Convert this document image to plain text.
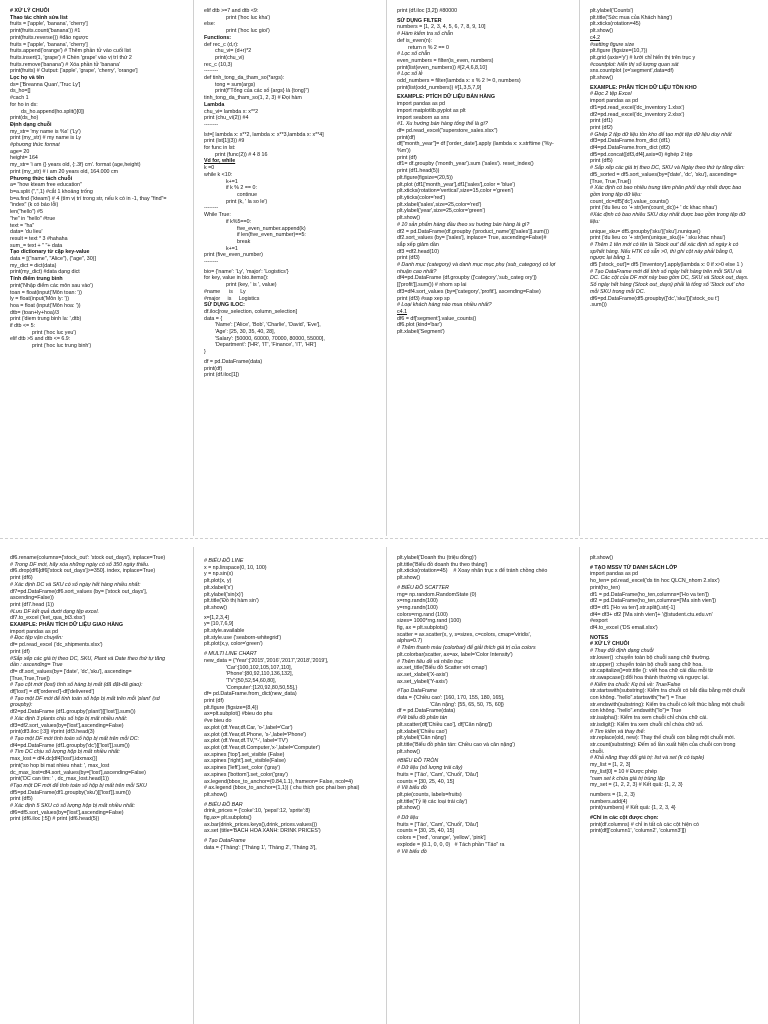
# XỬ LÝ CHUỖI

Thao tác chỉnh sửa list

fruits = ['apple', 'banana', 'cherry']

print(fruits.count('banana')) #1

print(fruits.reverse()) #đảo ngược

fruits = ['apple', 'banana', 'cherry']

fruits.append('orange') # Thêm phần tử vào cuối list

fruits.insert(1, 'grape') # Chèn 'grape' vào vị trí thứ 2

fruits.remove('banana') # Xóa phần tử 'banana'

print(fruits) # Output: ['apple', 'grape', 'cherry', 'orange']

Lọc họ và tên

ds= ['Breanna Quan','Truc Ly']

ds_ho=[]

#cach 1

for ho in ds:

ds_ho.append(ho.split()[0])

print(ds_ho)

Định dạng chuỗi

my_str= 'my name is %s' ('Ly')

print (my_str) # my name is Ly

#phương thức format

age= 20

height= 164

my_str= 'i am {} years old, {:.3f} cm'. format (age,height)

print (my_str) # i am 20 years old, 164.000 cm

Phương thức tách chuỗi

a= "how kteam free education"

b=a.split (",",1) #cắt 1 khoảng trống

b=a.find ('kteam') # 4 (tìm vị trí trong str, nếu k có in -1, thay "find"= "index" (k có báo lỗi)

len("hello") #5

"he" in "hello" #true

text = "ha"

data= 'du lieu'

result = text * 3 #hahaha

sum_= text + " "+ data

Tạo dictionary từ cặp key-value

data = [("name", "Alice"), ("age", 30)]

my_dict = dict(data)

print(my_dict) #data dạng dict

Tính điểm trung bình

print('Nhập điểm các môn sau vào')

toan = float(input('Môn toan: '))

ly = float(input('Môn ly: '))

hoa = float (input('Môn hoa: '))

dtb= (toan+ly+hoa)/3

print ('diem trung binh la: ',dtb)

if dtb <= 5:

print ('hoc luc yeu')

elif dtb >5 and dtb <= 6.9:

print ('hoc luc trung binh')

elif dtb >=7 and dtb <9:

print ('hoc luc kha')

else:

print ('hoc luc gioi')

Functions:

def rec_c (d,r):

chu_vi= (d+r)*2

print(chu_vi)

rec_c (10,3)

--------

def tinh_tong_da_tham_so(*args):

tong = sum(args)

print(f"Tổng của các số {args} là {tong}")

tinh_tong_da_tham_so(1, 2, 3) # Đọi hàm

Lambda

chu_vi= lambda x: x**2

print (chu_vi(2)) #4

--------

lst=[ lambda x: x**2, lambda x: x**3,lambda x: x**4]

print (lst[1](3)) #9

for func in lst:

print (func(2)) # 4 8 16

Vd for, while

k =0

while k <10:

k+=1

if k % 2 == 0:

continue

print (k, ' la so le')

--------

While True:

if k%5==0:

five_even_number.append(k)

if len(five_even_number)==5:

break

k+=1

print (five_even_number)

--------

bio= {'name': 'Ly', 'major': 'Logistics'}

for key, value in bio.items():

print (key, ' is ', value)

#name      is     Ly

#major     is     Logistics

SỬ DỤNG ILOC:

df.iloc[row_selection, column_selection]

data = {

'Name': ['Alice', 'Bob', 'Charlie', 'David', 'Eve'],

'Age': [25, 30, 35, 40, 28],

'Salary': [50000, 60000, 70000, 80000, 55000],

'Department': ['HR', 'IT', 'Finance', 'IT', 'HR']

}

df = pd.DataFrame(data)

print(df)

print (df.iloc[1])

print (df.iloc [3,2]) #80000

SỬ DỤNG FILTER

numbers = [1, 2, 3, 4, 5, 6, 7, 8, 9, 10]

# Hàm kiểm tra số chẵn

def is_even(n):

return n % 2 == 0

# Lọc số chẵn

even_numbers = filter(is_even, numbers)

print(list(even_numbers)) #[2,4,6,8,10]

# Lọc số lẻ

odd_numbers = filter(lambda x: x % 2 != 0, numbers)

print(list(odd_numbers)) #[1,3,5,7,9]

EXAMPLE: PTÍCH DỮ LIỆU BÁN HÀNG

import pandas as pd

import matplotlib.pyplot as plt

import seaborn as sns

#1. Xu hướng bán hàng tổng thể là gì?

df= pd.read_excel("superstore_sales.xlsx")

print(df)

df["month_year"]= df ['order_date'].apply (lambda x: x.strftime ('%y-%m'))

print (df)

df1= df.groupby ('month_year').sum ('sales'). reset_index()

print (df1.head(5))

plt.figure(figsize=(20,5))

plt.plot (df1['month_year'],df1['sales'],color = 'blue')

plt.xticks(rotation='vertical',size=15,color ='green')

plt.yticks(color='red')

plt.xlabel('sales',size=25,color='red')

plt.ylabel('year',size=25,color='green')

plt.show()

# 10 sản phẩm hàng đầu theo xu hướng bán hàng là gì?

df2 = pd.DataFrame(df.groupby ('product_name')[['sales']].sum())

df2.sort_values (by= ['sales'], inplace= True, ascending=False)# sắp xếp giảm dần

df3 =df2.head(10)

print (df3)

# Danh mục (category) và danh mục mục phụ (sub_category) có lợi nhuận cao nhất?

df4=pd.DataFrame (df.groupby (['category','sub_categ ory'])[['profit']].sum()) # nhom sp lai

df3=df4.sort_values (by=['category','profit'], ascending=False)

print (df3) #sap xep sp

# Loại khách hàng nào mua nhiều nhất?

c4.1

df6 = df['segment'].value_counts()

df6.plot (kind='bar')

plt.xlabel('Segment')

plt.ylabel('Counts')

plt.title('Sức mua của Khách hàng')

plt.xticks(rotation=45)

plt.show()

c4.2

#setting figure size

plt.figure (figsize=(10,7))

plt.grid (axis='y') # lưới chỉ hiển thị trên trục y

#countplot: hiển thị số lượng quan sát

sns.countplot (x='segment',data=df)

plt.show()

EXAMPLE: PHÂN TÍCH DỮ LIỆU TỒN KHO

# Đọc 2 tệp Excel

import pandas as pd

df1=pd.read_excel('dc_inventory 1.xlsx')

df2=pd.read_excel('dc_inventory 2.xlsx')

print (df1)

print (df2)

# Ghép 2 tệp dữ liệu tồn kho để tạo một tệp dữ liệu duy nhất

df3=pd.DataFrame.from_dict (df1)

df4=pd.DataFrame.from_dict (df2)

df5=pd.concat([df3,df4],axis=0) #ghép 2 tệp

print (df5)

# Sắp xếp các giá trị theo DC, SKU và Ngày theo thứ tự tăng dần:

df5_sorted = df5.sort_values(by=['date', 'dc', 'sku'], ascending=[True, True,True])

# Xác định có bao nhiêu trung tâm phân phối duy nhất được bao gồm trong tệp dữ liệu:

count_dc=df5['dc'].value_counts()

print ('du lieu co '+ str(len(count_dc))+ ' dc khac nhau')

#Xác định có bao nhiêu SKU duy nhất được bao gồm trong tệp dữ liệu:

unique_sku= df5.groupby('sku')['sku'].nunique()

print ('du lieu co '+ str(len(unique_sku))+ ' sku khac nhau')

# Thêm 1 tên mới có tên là 'Stock out' để xác định số ngày k có sp/hết hàng. Nếu HTK có sẵn >0, thì ghi cột này phải bằng 0, ngược lại bằng 1.

df5 ['stock_out']= df5 ['inventory'].apply(lambda x: 0 if x>0 else 1 )

# Tạo DataFrame mới để tính số ngày hết hàng trên mỗi SKU và DC. Các cột của DF mới này bao gồm DC, SKU và Stock out_days. Số ngày hết hàng (Stock out_days) phải là tổng số 'Stock out' cho mỗi SKU trong mỗi DC.

df6=pd.DataFrame(df5.groupby(['dc','sku'])['stock_ou t']

.sum())

df6.rename(columns={'stock_out': 'stock out_days'}, inplace=True)

# Trong DF mới, hãy xóa những ngày có số 350 ngày thiếu.

df6.drop(df6[df6['stock out_days']>=350]. index, inplace=True)

print (df6)

# Xác định DC và SKU có số ngày hết hàng nhiều nhất:

df7=pd.DataFrame(df6.sort_values (by= ['stock out_days'], ascending=False))

print (df7.head (1))

#Lưu DF kết quả dưới dạng tệp excel.

df7.to_excel ('ket_qua_bt3.xlsx')

EXAMPLE: PHÂN TÍCH DỮ LIỆU GIAO HÀNG

import pandas as pd

# Đọc tệp vận chuyển:

df= pd.read_excel ('dc_shipments.xlsx')

print (df)

#Sắp xếp các giá trị theo DC, SKU, Plant và Date theo thứ tự tăng dần : ascending= True

df= df.sort_values(by= ['date', 'dc','sku'], ascending=[True,True,True])

# Tạo cột mới (lost) tính số hàng bị mất (đã đặt-đã giao):

df['lost'] = df['ordered']-df['delivered']

# Tạo một DF mới để tính toán số hộp bị mất trên mỗi 'plant' (sd groupby):

df2=pd.DataFrame (df1.groupby('plant')[['lost']].sum())

# Xác định 3 plants chịu số hộp bị mất nhiều nhất:

df3=df2.sort_values(by=['lost'],ascending=False)

print(df3.iloc [:3]) #print (df3.head(3)

# Tạo một DF mới tính toán số hộp bị mất trên mỗi DC:

df4=pd.DataFrame (df1.groupby('dc')[['lost']].sum())

# Tìm DC chịu số lượng hộp bị mất nhiều nhất:

max_lost = df4.dc[df4['lost'].idxmax()]

print('so hop bi mat nhieu nhat: ', max_lost dc_max_lost=df4.sort_values(by=['lost'],ascending=False)

print('DC can tim: ' , dc_max_lost.head(1))

#Tạo một DF mới để tính toán số hộp bị mất trên mỗi SKU

df5=pd.DataFrame(df1.groupby('sku')[['lost']].sum())

print (df5)

# Xác định 5 SKU có số lượng hộp bị mất nhiều nhất:

df6=df5.sort_values(by=['lost'],ascending=False)

print (df6.iloc [:5]) # print (df6.head(5))

# BIỂU ĐỒ LINE

x = np.linspace(0, 10, 100)

y = np.sin(x)

plt.plot(x, y)

plt.xlabel('x')

plt.ylabel('sin(x)')

plt.title('Đồ thị hàm sin')

plt.show()

x=[1,2,3,4]

y= [10,7,6,9]

plt.style.available

plt.style.use ('seaborn-whitegrid')

plt.plot(x,y, color='green')

# MULTI LINE CHART

new_data = {'Year':['2015','2016','2017','2018','2019'],

'Car':[100,102,105,107,110],

'Phone':[80,92,110,136,132],

'TV':[50,52,54,60,80],

'Computer':[120,92,80,50,55],}

df= pd.DataFrame.from_dict(new_data)

print (df)

plt.figure (figsize=(8,4))

ax=plt.subplot() #bieu do phu

#ve bieu do

ax.plot (df.Year,df.Car, 'o-',label='Car')

ax.plot (df.Year,df.Phone, 's-',label='Phone')

ax.plot (df.Year,df.TV,'*-', label='TV')

ax.plot (df.Year,df.Computer,'x-',label='Computer')

ax.spines ['top'].set_visible (False)

ax.spines ['right'].set_visible(False)

ax.spines ['left'].set_color ('gray')

ax.spines ['bottom'].set_color('gray')

ax.legend(bbox_to_anchor=(0.84,1.1), frameon= False, ncol=4)

# ax.legend (bbox_to_anchor=(1,1)) ( chu thich goc phai ben phai)

plt.show()

# BIỂU ĐỒ BAR

drink_prices = {'coke':10, 'pepsi':12, 'sprite':8}

fig,ax= plt.subplots()

ax.bar(drink_prices.keys(),drink_prices.values())

ax.set (title='BACH HOA XANH: DRINK PRICES')

# Tạo DataFrame

data = {'Tháng': ['Tháng 1', 'Tháng 2', 'Tháng 3'],

plt.ylabel('Doanh thu (triệu đồng)')

plt.title('Biểu đồ doanh thu theo tháng')

plt.xticks(rotation=45)    # Xoay nhãn trục x để tránh chồng chéo

plt.show()

# BIỂU ĐỒ SCATTER

rng= np.random.RandomState (0)

x=rng.randn(100)

y=rng.randn(100)

colors=rng.rand (100)

sizes= 1000*rng.rand (100)

fig, ax = plt.subplots()

scatter = ax.scatter(x, y, s=sizes, c=colors, cmap='viridis', alpha=0.7)

# Thêm thanh màu (colorbar) để giải thích giá trị của colors

plt.colorbar(scatter, ax=ax, label='Color Intensity')

# Thêm tiêu đề và nhãn trục

ax.set_title('Biểu đồ Scatter với cmap')

ax.set_xlabel('X-axis')

ax.set_ylabel('Y-axis')

#Tạo DataFrame

data = {'Chiều cao': [160, 170, 155, 180, 165],

'Cân nặng': [55, 65, 50, 75, 60]}

df = pd.DataFrame(data)

#Vẽ biểu đồ phân tán

plt.scatter(df['Chiều cao'], df['Cân nặng'])

plt.xlabel('Chiều cao')

plt.ylabel('Cân nặng')

plt.title('Biểu đồ phân tán: Chiều cao và cân nặng')

plt.show()

#BIỂU ĐỒ TRÒN

# Dữ liệu (số lượng trái cây)

fruits = ['Táo', 'Cam', 'Chuối', 'Dâu']

counts = [30, 25, 40, 15]

# Vẽ biểu đồ

plt.pie(counts, labels=fruits)

plt.title('Tỷ lệ các loại trái cây')

plt.show()

# Dữ liệu

fruits = ['Táo', 'Cam', 'Chuối', 'Dâu']

counts = [30, 25, 40, 15]

colors = ['red', 'orange', 'yellow', 'pink']

explode = (0.1, 0, 0, 0)   # Tách phần "Táo" ra

# Vẽ biểu đồ

plt.show()

# TẠO MSSV TỪ DANH SÁCH LỚP

import pandas as pd

ho_ten= pd.read_excel('ds tin hoc QLCN_nhom 2.xlsx')

print(ho_ten)

df1 = pd.DataFrame(ho_ten,columns=['Ho va ten'])

df2 = pd.DataFrame(ho_ten,columns=['Ma sinh vien'])

df3= df1 ['Ho va ten'].str.split().str[-1]

df4= df3+ df2 ['Ma sinh vien']+ '@student.ctu.edu.vn'

#export

df4.to_excel ('DS email.xlsx')

NOTES

# XỬ LÝ CHUỖI

# Thay đổi định dạng chuỗi

str.lower() :chuyển toàn bộ chuỗi sang chữ thường.

str.upper() :chuyển toàn bộ chuỗi sang chữ hoa.

str.capitalize()=str.title (): viết hoa chữ cái đầu mỗi từ

str.swapcase():đổi hoa thành thường và ngược lại.

# Kiểm tra chuỗi: Kq trả về: True/False

str.startswith(substring): Kiểm tra chuỗi có bắt đầu bằng một chuỗi con không. "hello".startswith("he") = True

str.endswith(substring): Kiểm tra chuỗi có kết thúc bằng một chuỗi con không. "hello".endswith("lo")= True

str.isalpha(): Kiểm tra xem chuỗi chỉ chứa chữ cái.

str.isdigit(): Kiểm tra xem chuỗi chỉ chứa chữ số.

# Tìm kiếm và thay thế:

str.replace(old, new): Thay thế chuỗi con bằng một chuỗi mới.

str.count(substring): Đếm số lần xuất hiện của chuỗi con trong chuỗi.

# Khả năng thay đổi giá trị: list và set (k có tuple)

my_list = [1, 2, 3]

my_list[0] = 10 # Được phép

"nam set k chứa giá trị trùng lặp

my_set = {1, 2, 2, 3} # Kết quả: {1, 2, 3}

numbers = {1, 2, 3}

numbers.add(4)

print(numbers) # Kết quả: {1, 2, 3, 4}

#Chỉ in các cột được chọn:

print(df.columns) # chỉ in tất cả các cột hiện có

print(df[['column1', 'column2', 'column3']])
